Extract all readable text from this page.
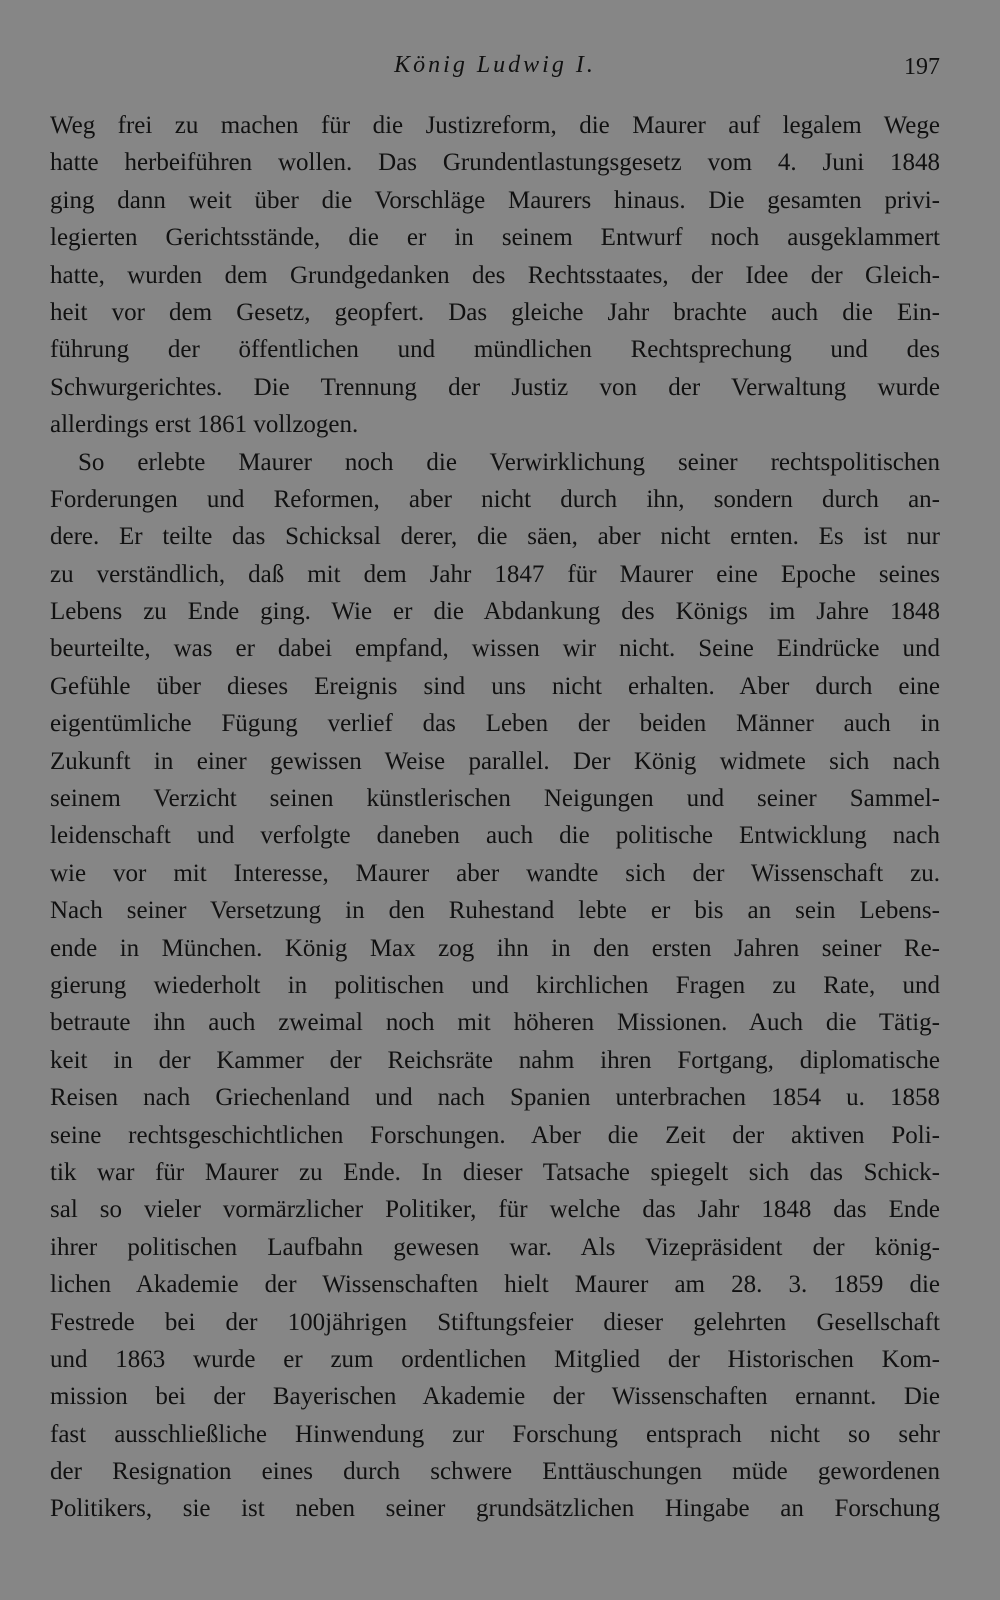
König Ludwig I.	197
Weg frei zu machen für die Justizreform, die Maurer auf legalem Wege
hatte herbeiführen wollen. Das Grundentlastungsgesetz vom 4. Juni 1848
ging dann weit über die Vorschläge Maurers hinaus. Die gesamten privi-
legierten Gerichtsstände, die er in seinem Entwurf noch ausgeklammert
hatte, wurden dem Grundgedanken des Rechtsstaates, der Idee der Gleich-
heit vor dem Gesetz, geopfert. Das gleiche Jahr brachte auch die Ein-
führung der öffentlichen und mündlichen Rechtsprechung und des
Schwurgerichtes. Die Trennung der Justiz von der Verwaltung wurde
allerdings erst 1861 vollzogen.
So erlebte Maurer noch die Verwirklichung seiner rechtspolitischen
Forderungen und Reformen, aber nicht durch ihn, sondern durch an-
dere. Er teilte das Schicksal derer, die säen, aber nicht ernten. Es ist nur
zu verständlich, daß mit dem Jahr 1847 für Maurer eine Epoche seines
Lebens zu Ende ging. Wie er die Abdankung des Königs im Jahre 1848
beurteilte, was er dabei empfand, wissen wir nicht. Seine Eindrücke und
Gefühle über dieses Ereignis sind uns nicht erhalten. Aber durch eine
eigentümliche Fügung verlief das Leben der beiden Männer auch in
Zukunft in einer gewissen Weise parallel. Der König widmete sich nach
seinem Verzicht seinen künstlerischen Neigungen und seiner Sammel-
leidenschaft und verfolgte daneben auch die politische Entwicklung nach
wie vor mit Interesse, Maurer aber wandte sich der Wissenschaft zu.
Nach seiner Versetzung in den Ruhestand lebte er bis an sein Lebens-
ende in München. König Max zog ihn in den ersten Jahren seiner Re-
gierung wiederholt in politischen und kirchlichen Fragen zu Rate, und
betraute ihn auch zweimal noch mit höheren Missionen. Auch die Tätig-
keit in der Kammer der Reichsräte nahm ihren Fortgang, diplomatische
Reisen nach Griechenland und nach Spanien unterbrachen 1854 u. 1858
seine rechtsgeschichtlichen Forschungen. Aber die Zeit der aktiven Poli-
tik war für Maurer zu Ende. In dieser Tatsache spiegelt sich das Schick-
sal so vieler vormärzlicher Politiker, für welche das Jahr 1848 das Ende
ihrer politischen Laufbahn gewesen war. Als Vizepräsident der könig-
lichen Akademie der Wissenschaften hielt Maurer am 28. 3. 1859 die
Festrede bei der 100jährigen Stiftungsfeier dieser gelehrten Gesellschaft
und 1863 wurde er zum ordentlichen Mitglied der Historischen Kom-
mission bei der Bayerischen Akademie der Wissenschaften ernannt. Die
fast ausschließliche Hinwendung zur Forschung entsprach nicht so sehr
der Resignation eines durch schwere Enttäuschungen müde gewordenen
Politikers, sie ist neben seiner grundsätzlichen Hingabe an Forschung
